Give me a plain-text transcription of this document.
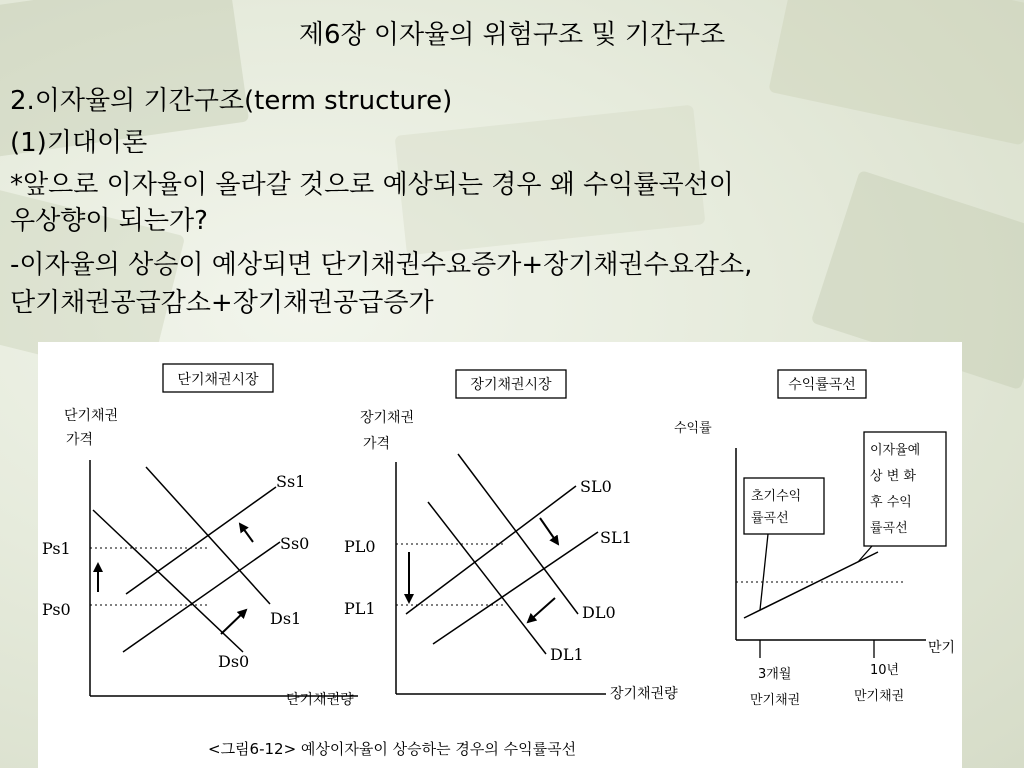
제6장 이자율의 위험구조 및 기간구조
2.이자율의 기간구조(term structure)
(1)기대이론
*앞으로 이자율이 올라갈 것으로 예상되는 경우 왜 수익률곡선이
우상향이 되는가?
-이자율의 상승이 예상되면 단기채권수요증가+장기채권수요감소,
단기채권공급감소+장기채권공급증가
단기채권시장
단기채권
가격
단기채권량
Ss1
Ss0
Ds1
Ds0
Ps1
Ps0
장기채권시장
장기채권
가격
장기채권량
SL0
SL1
DL0
DL1
PL0
PL1
수익률곡선
수익률
만기
초기수익
률곡선
이자율예
상 변 화
후 수익
률곡선
3개월
만기채권
10년
만기채권
<그림6-12> 예상이자율이 상승하는 경우의 수익률곡선
